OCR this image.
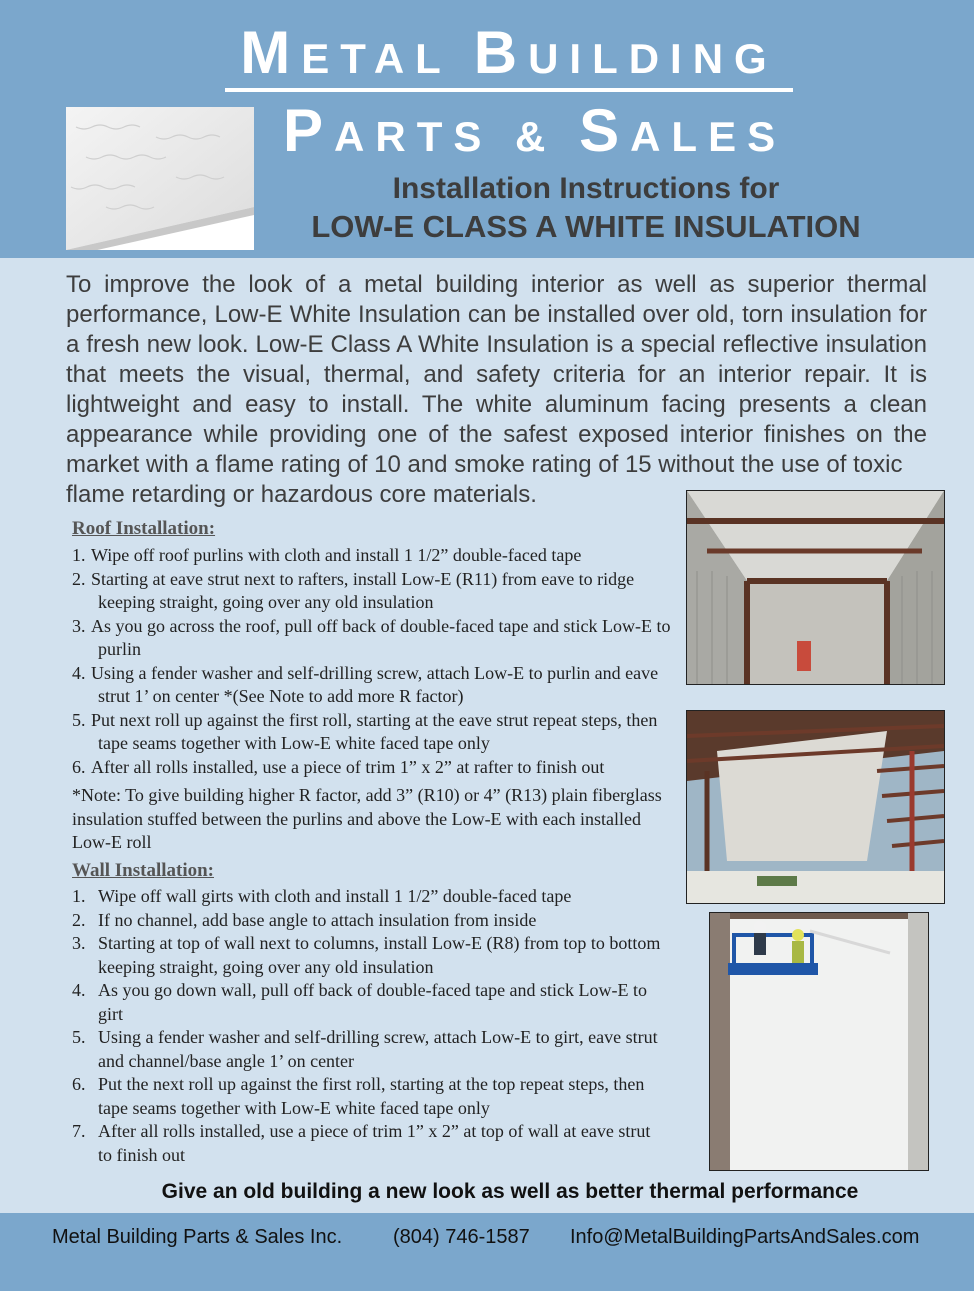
METAL BUILDING
PARTS & SALES
Installation Instructions for
LOW-E CLASS A WHITE INSULATION
To improve the look of a metal building interior as well as superior thermal performance, Low-E White Insulation can be installed over old, torn insulation for a fresh new look. Low-E Class A White Insulation is a special reflective insulation that meets the visual, thermal, and safety criteria for an interior repair. It is lightweight and easy to install. The white aluminum facing presents a clean appearance while providing one of the safest exposed interior finishes on the market with a flame rating of 10 and smoke rating of 15 without the use of toxic
flame retarding or hazardous core materials.
Roof Installation:
1. Wipe off roof purlins with cloth and install 1 1/2” double-faced tape
2. Starting at eave strut next to rafters, install Low-E (R11) from eave to ridge keeping straight, going over any old insulation
3. As you go across the roof, pull off back of double-faced tape and stick Low-E to purlin
4. Using a fender washer and self-drilling screw, attach Low-E to purlin and eave strut 1’ on center *(See Note to add more R factor)
5. Put next roll up against the first roll, starting at the eave strut repeat steps, then tape seams together with Low-E white faced tape only
6. After all rolls installed, use a piece of trim 1” x 2” at rafter to finish out
*Note: To give building higher R factor, add 3” (R10) or 4” (R13) plain fiberglass insulation stuffed between the purlins and above the Low-E with each installed Low-E roll
Wall Installation:
1. Wipe off wall girts with cloth and install 1 1/2” double-faced tape
2. If no channel, add base angle to attach insulation from inside
3. Starting at top of wall next to columns, install Low-E (R8) from top to bottom keeping straight, going over any old insulation
4. As you go down wall, pull off back of double-faced tape and stick Low-E to girt
5. Using a fender washer and self-drilling screw, attach Low-E to girt, eave strut and channel/base angle 1’ on center
6. Put the next roll up against the first roll, starting at the top repeat steps, then tape seams together with Low-E white faced tape only
7. After all rolls installed, use a piece of trim 1” x 2” at top of wall at eave strut to finish out
Give an old building a new look as well as better thermal performance
Metal Building Parts & Sales Inc.	(804) 746-1587 Info@MetalBuildingPartsAndSales.com
